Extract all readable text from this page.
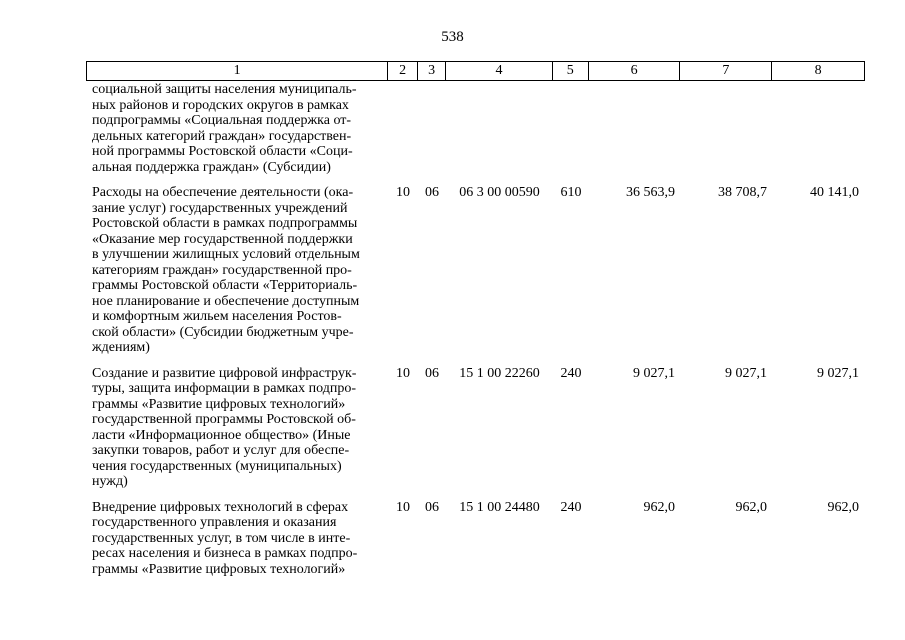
538
1	2	3	4	5	6	7	8
социальной защиты населения муниципаль-
ных районов и городских округов в рамках
подпрограммы «Социальная поддержка от-
дельных категорий граждан» государствен-
ной программы Ростовской области «Соци-
альная поддержка граждан» (Субсидии)
Расходы на обеспечение деятельности (ока-
зание услуг) государственных учреждений
Ростовской области в рамках подпрограммы
«Оказание мер государственной поддержки
в улучшении жилищных условий отдельным
категориям граждан» государственной про-
граммы Ростовской области «Территориаль-
ное планирование и обеспечение доступным
и комфортным жильем населения Ростов-
ской области» (Субсидии бюджетным учре-
ждениям)
10	06	06 3 00 00590	610	36 563,9	38 708,7	40 141,0
Создание и развитие цифровой инфраструк-
туры, защита информации в рамках подпро-
граммы «Развитие цифровых технологий»
государственной программы Ростовской об-
ласти «Информационное общество» (Иные
закупки товаров, работ и услуг для обеспе-
чения государственных (муниципальных)
нужд)
10	06	15 1 00 22260	240	9 027,1	9 027,1	9 027,1
Внедрение цифровых технологий в сферах
государственного управления и оказания
государственных услуг, в том числе в инте-
ресах населения и бизнеса в рамках подпро-
граммы «Развитие цифровых технологий»
10	06	15 1 00 24480	240	962,0	962,0	962,0
